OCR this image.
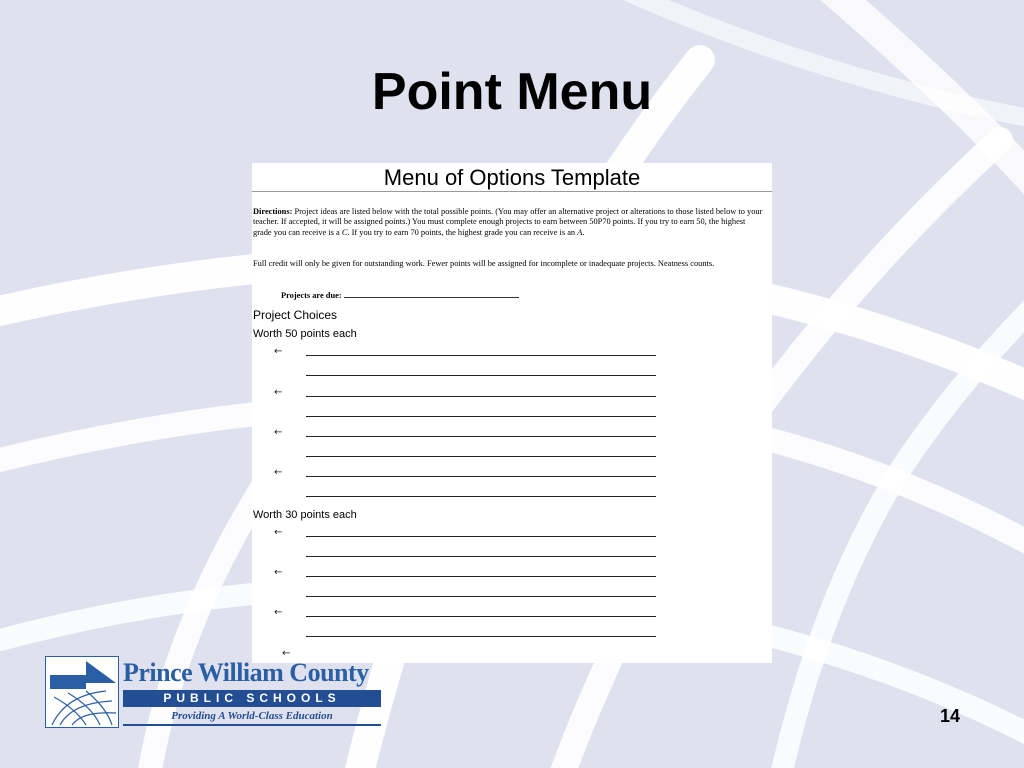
Point Menu
Menu of Options Template

Directions: Project ideas are listed below with the total possible points. (You may offer an alternative project or alterations to those listed below to your teacher. If accepted, it will be assigned points.) You must complete enough projects to earn between 50P70 points. If you try to earn 50, the highest grade you can receive is a C. If you try to earn 70 points, the highest grade you can receive is an A.

Full credit will only be given for outstanding work. Fewer points will be assigned for incomplete or inadequate projects. Neatness counts.

Projects are due:
Project Choices
Worth 50 points each
←
←
←
←
Worth 30 points each
←
←
←
←
Prince William County
PUBLIC SCHOOLS
Providing A World-Class Education	14
